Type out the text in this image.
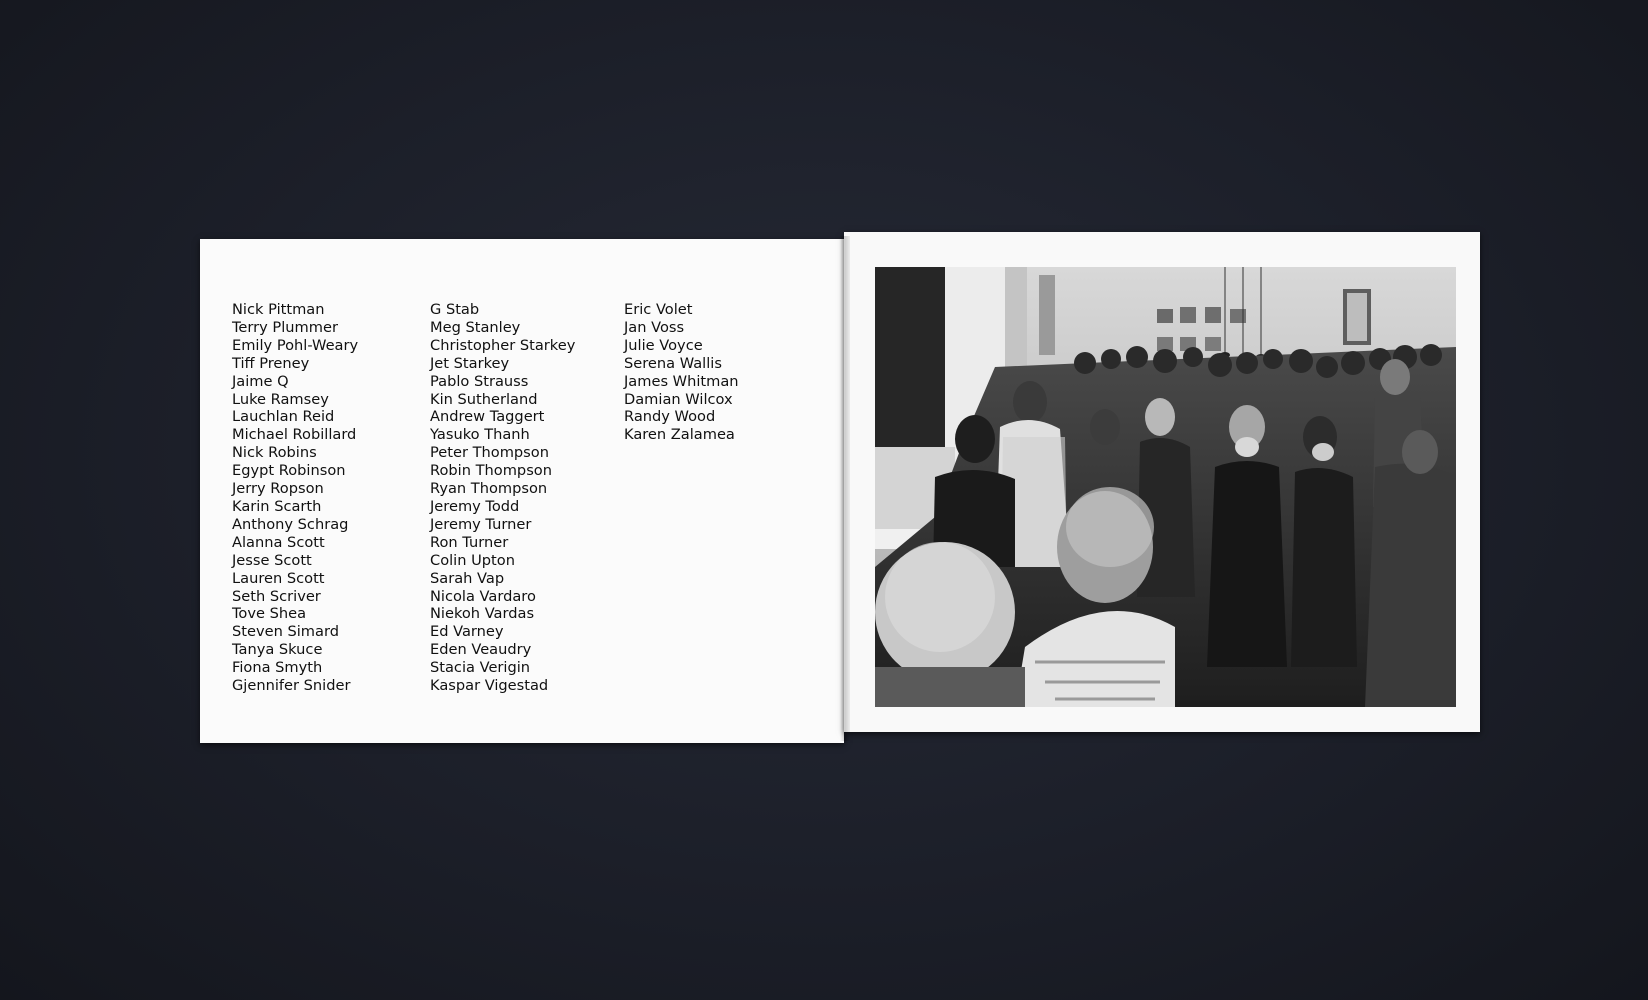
Nick Pittman
Terry Plummer
Emily Pohl-Weary
Tiff Preney
Jaime Q
Luke Ramsey
Lauchlan Reid
Michael Robillard
Nick Robins
Egypt Robinson
Jerry Ropson
Karin Scarth
Anthony Schrag
Alanna Scott
Jesse Scott
Lauren Scott
Seth Scriver
Tove Shea
Steven Simard
Tanya Skuce
Fiona Smyth
Gjennifer Snider
G Stab
Meg Stanley
Christopher Starkey
Jet Starkey
Pablo Strauss
Kin Sutherland
Andrew Taggert
Yasuko Thanh
Peter Thompson
Robin Thompson
Ryan Thompson
Jeremy Todd
Jeremy Turner
Ron Turner
Colin Upton
Sarah Vap
Nicola Vardaro
Niekoh Vardas
Ed Varney
Eden Veaudry
Stacia Verigin
Kaspar Vigestad
Eric Volet
Jan Voss
Julie Voyce
Serena Wallis
James Whitman
Damian Wilcox
Randy Wood
Karen Zalamea
